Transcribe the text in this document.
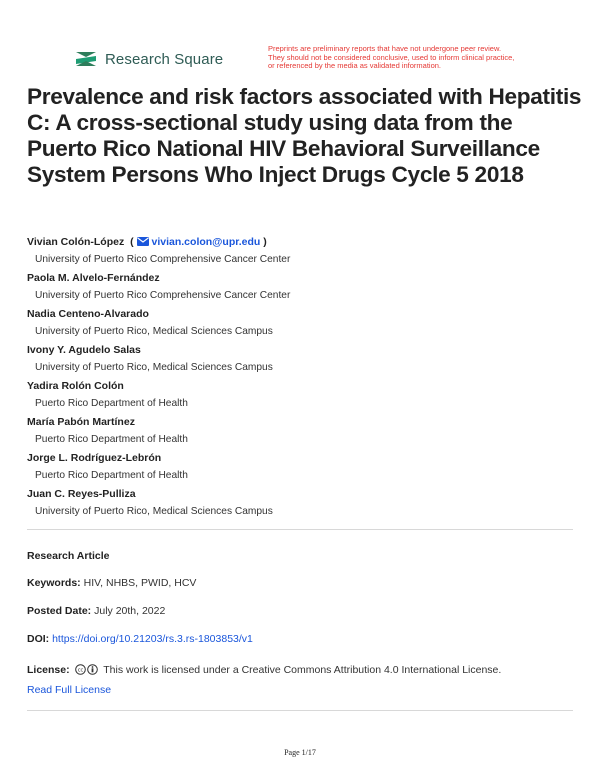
Research Square
Preprints are preliminary reports that have not undergone peer review.
They should not be considered conclusive, used to inform clinical practice,
or referenced by the media as validated information.
Prevalence and risk factors associated with Hepatitis C: A cross-sectional study using data from the Puerto Rico National HIV Behavioral Surveillance System Persons Who Inject Drugs Cycle 5 2018
Vivian Colón-López  ( vivian.colon@upr.edu )
University of Puerto Rico Comprehensive Cancer Center
Paola M. Alvelo-Fernández
University of Puerto Rico Comprehensive Cancer Center
Nadia Centeno-Alvarado
University of Puerto Rico, Medical Sciences Campus
Ivony Y. Agudelo Salas
University of Puerto Rico, Medical Sciences Campus
Yadira Rolón Colón
Puerto Rico Department of Health
María Pabón Martínez
Puerto Rico Department of Health
Jorge L. Rodríguez-Lebrón
Puerto Rico Department of Health
Juan C. Reyes-Pulliza
University of Puerto Rico, Medical Sciences Campus
Research Article
Keywords: HIV, NHBS, PWID, HCV
Posted Date: July 20th, 2022
DOI: https://doi.org/10.21203/rs.3.rs-1803853/v1
License: cc This work is licensed under a Creative Commons Attribution 4.0 International License.
Read Full License
Page 1/17
